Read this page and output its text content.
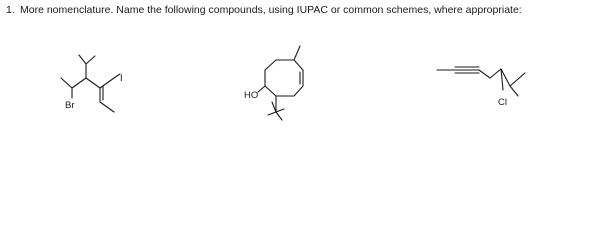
1. More nomenclature. Name the following compounds, using IUPAC or common schemes, where appropriate:
I
Br
HO
Cl
